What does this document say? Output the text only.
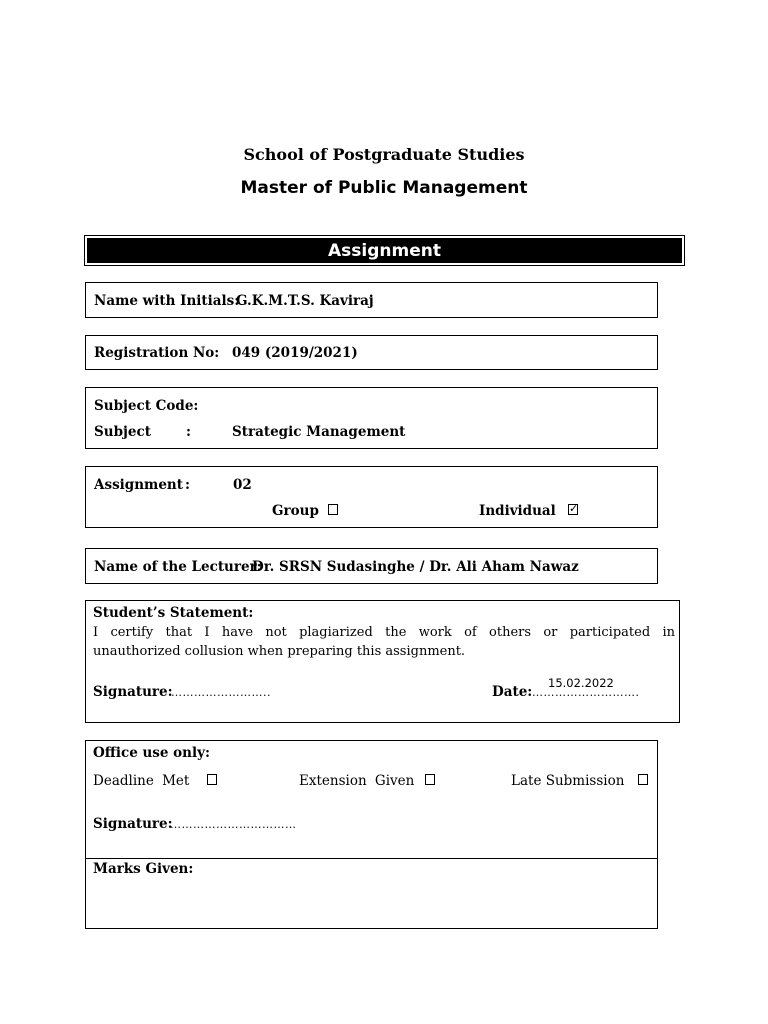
School of Postgraduate Studies
Master of Public Management
Assignment
Name with Initials:
G.K.M.T.S. Kaviraj
Registration No: 049 (2019/2021)
Subject Code:
Subject	:	Strategic Management
Assignment :	02
Group	Individual ✓
Name of the Lecturer:
Dr. SRSN Sudasinghe / Dr. Ali Aham Nawaz
Student’s Statement:
I certify that I have not plagiarized the work of others or participated in
unauthorized collusion when preparing this assignment.
Signature:
……………………..
15.02.2022
Date: ……………………….
Office use only:
Deadline Met	Extension Given	Late Submission
Signature:
……………………………
Marks Given:
